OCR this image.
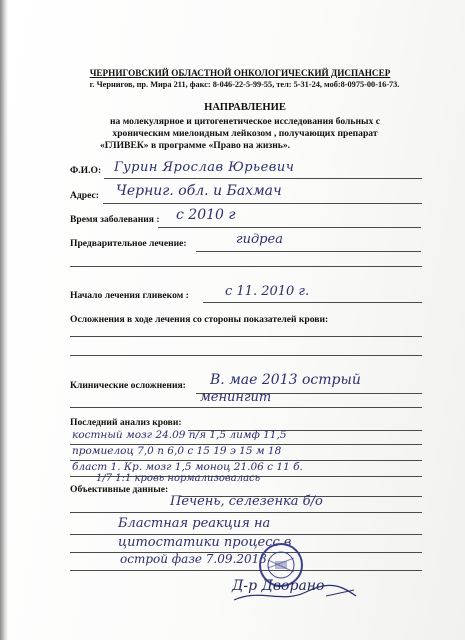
ЧЕРНИГОВСКИЙ ОБЛАСТНОЙ ОНКОЛОГИЧЕСКИЙ ДИСПАНСЕР
г. Чернигов, пр. Мира 211, факс: 8-046-22-5-99-55, тел: 5-31-24, моб:8-0975-00-16-73.
НАПРАВЛЕНИЕ
на молекулярное и цитогенетическое исследования больных с
хроническим миелоидным лейкозом , получающих препарат
«ГЛИВЕК» в программе «Право на жизнь».
Ф.И.О: Гурин Ярослав Юрьевич
Адрес: Черниг. обл. и Бахмач
Время заболевания : с 2010 г
Предварительное лечение:	гидреа
Начало лечения гливеком :	с 11. 2010 г.
Осложнения в ходе лечения со стороны показателей крови:
Клинические осложнения: В. мае 2013 острый
менингит
Последний анализ крови:
костный мозг 24.09 п/я 1,5 лимф 11,5
промиелоц 7,0 п 6,0 с 15 19 э 15 м 18
бласт 1. Кр. мозг 1,5 моноц 21.06 с 11 б.
1/7 1:1 кровь нормализовалась
Объективные данные:
Печень, селезенка б/о
Бластная реакция на
цитостатики процесс в
острой фазе 7.09.2013
Д-р Дворано
